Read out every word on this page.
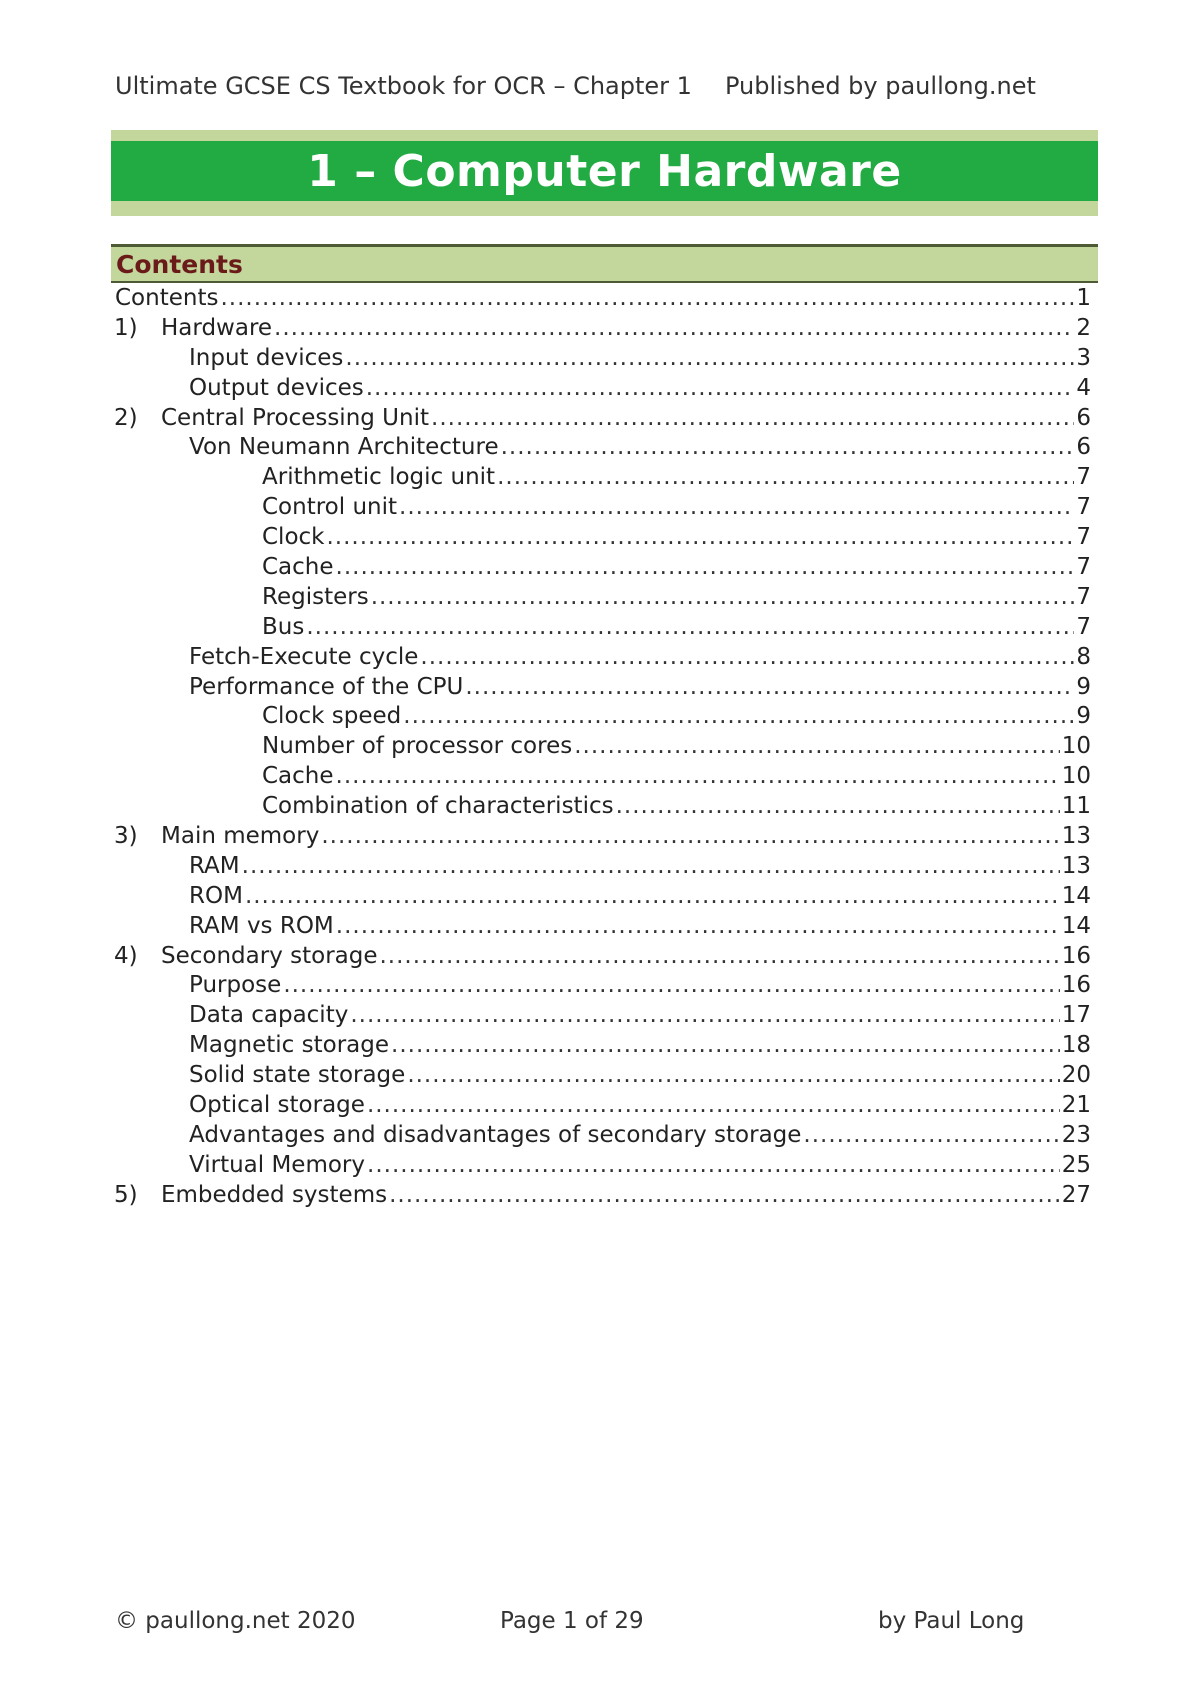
Ultimate GCSE CS Textbook for OCR – Chapter 1 Published by paullong.net
1 – Computer Hardware
Contents
Contents .....	1
1) Hardware .....	2
Input devices .....	3
Output devices .....	4
2) Central Processing Unit .....	6
Von Neumann Architecture .....	6
Arithmetic logic unit .....	7
Control unit .....	7
Clock .....	7
Cache .....	7
Registers .....	7
Bus .....	7
Fetch-Execute cycle .....	8
Performance of the CPU .....	9
Clock speed .....	9
Number of processor cores .....	10
Cache .....	10
Combination of characteristics .....	11
3) Main memory .....	13
RAM .....	13
ROM .....	14
RAM vs ROM .....	14
4) Secondary storage .....	16
Purpose .....	16
Data capacity .....	17
Magnetic storage .....	18
Solid state storage .....	20
Optical storage .....	21
Advantages and disadvantages of secondary storage .....	23
Virtual Memory .....	25
5) Embedded systems .....	27
© paullong.net 2020	Page 1 of 29	by Paul Long
